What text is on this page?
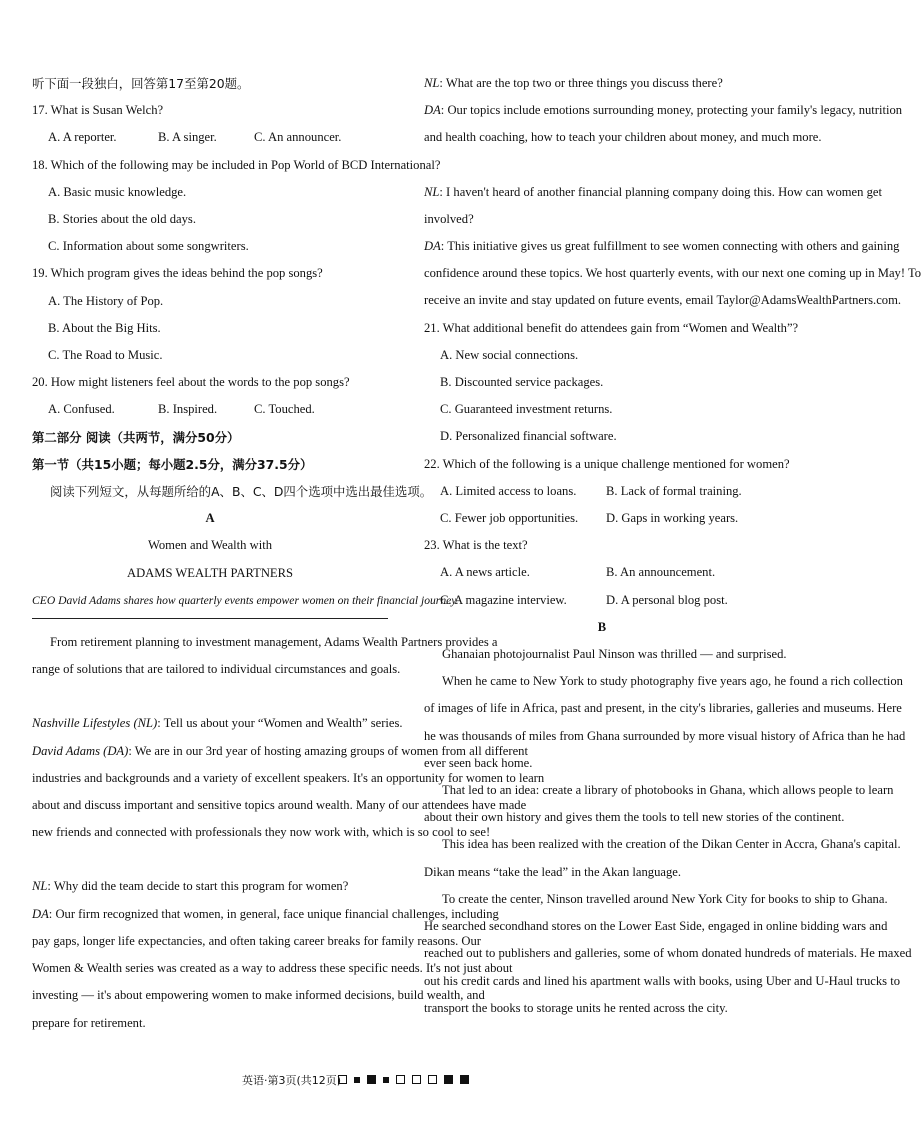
听下面一段独白，回答第17至第20题。
17. What is Susan Welch?
A. A reporter.	B. A singer.	C. An announcer.
18. Which of the following may be included in Pop World of BCD International?
A. Basic music knowledge.
B. Stories about the old days.
C. Information about some songwriters.
19. Which program gives the ideas behind the pop songs?
A. The History of Pop.
B. About the Big Hits.
C. The Road to Music.
20. How might listeners feel about the words to the pop songs?
A. Confused.	B. Inspired.	C. Touched.
第二部分 阅读（共两节，满分50分）
第一节（共15小题；每小题2.5分，满分37.5分）
阅读下列短文，从每题所给的A、B、C、D四个选项中选出最佳选项。
A
Women and Wealth with
ADAMS WEALTH PARTNERS
CEO David Adams shares how quarterly events empower women on their financial journey.
From retirement planning to investment management, Adams Wealth Partners provides a
range of solutions that are tailored to individual circumstances and goals.
Nashville Lifestyles (NL): Tell us about your “Women and Wealth” series.
David Adams (DA): We are in our 3rd year of hosting amazing groups of women from all different
industries and backgrounds and a variety of excellent speakers. It's an opportunity for women to learn
about and discuss important and sensitive topics around wealth. Many of our attendees have made
new friends and connected with professionals they now work with, which is so cool to see!
NL: Why did the team decide to start this program for women?
DA: Our firm recognized that women, in general, face unique financial challenges, including
pay gaps, longer life expectancies, and often taking career breaks for family reasons. Our
Women & Wealth series was created as a way to address these specific needs. It's not just about
investing — it's about empowering women to make informed decisions, build wealth, and
prepare for retirement.
NL: What are the top two or three things you discuss there?
DA: Our topics include emotions surrounding money, protecting your family's legacy, nutrition
and health coaching, how to teach your children about money, and much more.
NL: I haven't heard of another financial planning company doing this. How can women get
involved?
DA: This initiative gives us great fulfillment to see women connecting with others and gaining
confidence around these topics. We host quarterly events, with our next one coming up in May! To
receive an invite and stay updated on future events, email Taylor@AdamsWealthPartners.com.
21. What additional benefit do attendees gain from “Women and Wealth”?
A. New social connections.
B. Discounted service packages.
C. Guaranteed investment returns.
D. Personalized financial software.
22. Which of the following is a unique challenge mentioned for women?
A. Limited access to loans.	B. Lack of formal training.
C. Fewer job opportunities.	D. Gaps in working years.
23. What is the text?
A. A news article.	B. An announcement.
C. A magazine interview.	D. A personal blog post.
B
Ghanaian photojournalist Paul Ninson was thrilled — and surprised.
When he came to New York to study photography five years ago, he found a rich collection
of images of life in Africa, past and present, in the city's libraries, galleries and museums. Here
he was thousands of miles from Ghana surrounded by more visual history of Africa than he had
ever seen back home.
That led to an idea: create a library of photobooks in Ghana, which allows people to learn
about their own history and gives them the tools to tell new stories of the continent.
This idea has been realized with the creation of the Dikan Center in Accra, Ghana's capital.
Dikan means “take the lead” in the Akan language.
To create the center, Ninson travelled around New York City for books to ship to Ghana.
He searched secondhand stores on the Lower East Side, engaged in online bidding wars and
reached out to publishers and galleries, some of whom donated hundreds of materials. He maxed
out his credit cards and lined his apartment walls with books, using Uber and U-Haul trucks to
transport the books to storage units he rented across the city.
英语·第3页(共12页)
